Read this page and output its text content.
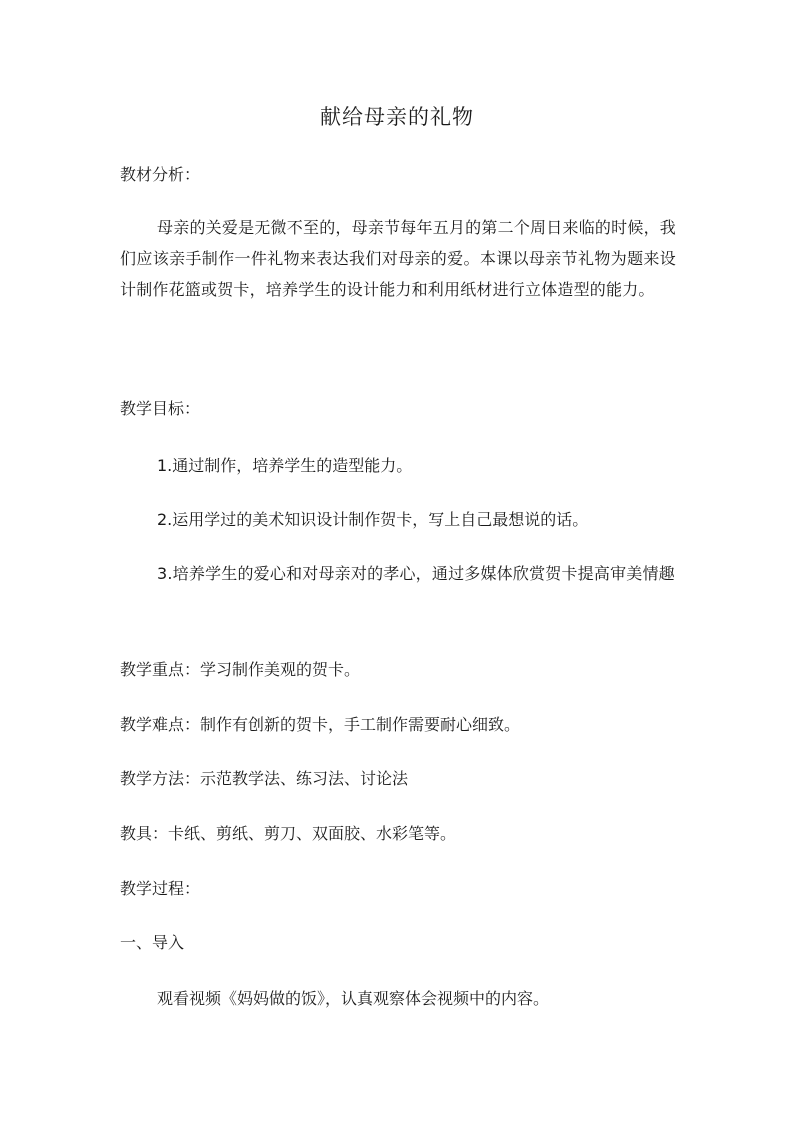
献给母亲的礼物
教材分析：
母亲的关爱是无微不至的，母亲节每年五月的第二个周日来临的时候，我们应该亲手制作一件礼物来表达我们对母亲的爱。本课以母亲节礼物为题来设计制作花篮或贺卡，培养学生的设计能力和利用纸材进行立体造型的能力。
教学目标：
1.通过制作，培养学生的造型能力。
2.运用学过的美术知识设计制作贺卡，写上自己最想说的话。
3.培养学生的爱心和对母亲对的孝心，通过多媒体欣赏贺卡提高审美情趣
教学重点：学习制作美观的贺卡。
教学难点：制作有创新的贺卡，手工制作需要耐心细致。
教学方法：示范教学法、练习法、讨论法
教具：卡纸、剪纸、剪刀、双面胶、水彩笔等。
教学过程：
一、导入
观看视频《妈妈做的饭》，认真观察体会视频中的内容。
